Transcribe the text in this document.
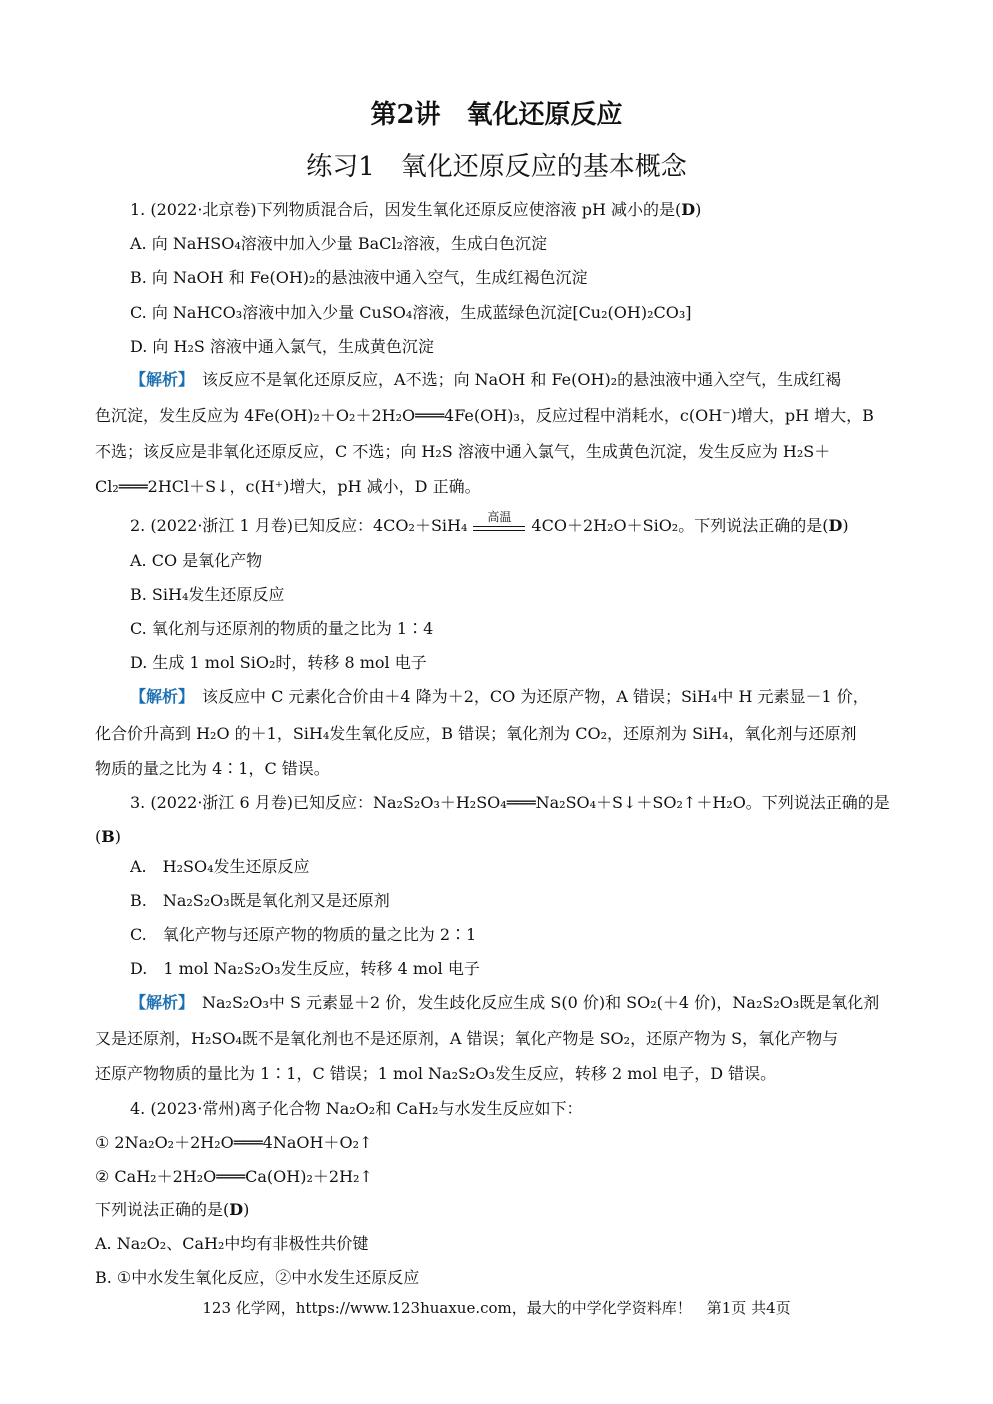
第2讲　氧化还原反应
练习1　氧化还原反应的基本概念
1. (2022·北京卷)下列物质混合后，因发生氧化还原反应使溶液 pH 减小的是(D)
A. 向 NaHSO₄溶液中加入少量 BaCl₂溶液，生成白色沉淀
B. 向 NaOH 和 Fe(OH)₂的悬浊液中通入空气，生成红褐色沉淀
C. 向 NaHCO₃溶液中加入少量 CuSO₄溶液，生成蓝绿色沉淀[Cu₂(OH)₂CO₃]
D. 向 H₂S 溶液中通入氯气，生成黄色沉淀
【解析】 该反应不是氧化还原反应，A不选；向 NaOH 和 Fe(OH)₂的悬浊液中通入空气，生成红褐
色沉淀，发生反应为 4Fe(OH)₂＋O₂＋2H₂O═══4Fe(OH)₃，反应过程中消耗水，c(OH⁻)增大，pH 增大，B
不选；该反应是非氧化还原反应，C 不选；向 H₂S 溶液中通入氯气，生成黄色沉淀，发生反应为 H₂S＋
Cl₂═══2HCl＋S↓，c(H⁺)增大，pH 减小，D 正确。
2. (2022·浙江 1 月卷)已知反应：4CO₂＋SiH₄	高温	4CO＋2H₂O＋SiO₂。下列说法正确的是(D)
A. CO 是氧化产物
B. SiH₄发生还原反应
C. 氧化剂与还原剂的物质的量之比为 1∶4
D. 生成 1 mol SiO₂时，转移 8 mol 电子
【解析】 该反应中 C 元素化合价由＋4 降为＋2，CO 为还原产物，A 错误；SiH₄中 H 元素显－1 价，
化合价升高到 H₂O 的＋1，SiH₄发生氧化反应，B 错误；氧化剂为 CO₂，还原剂为 SiH₄，氧化剂与还原剂
物质的量之比为 4∶1，C 错误。
3. (2022·浙江 6 月卷)已知反应：Na₂S₂O₃＋H₂SO₄═══Na₂SO₄＋S↓＋SO₂↑＋H₂O。下列说法正确的是
(B)
A.　H₂SO₄发生还原反应
B.　Na₂S₂O₃既是氧化剂又是还原剂
C.　氧化产物与还原产物的物质的量之比为 2∶1
D.　1 mol Na₂S₂O₃发生反应，转移 4 mol 电子
【解析】 Na₂S₂O₃中 S 元素显＋2 价，发生歧化反应生成 S(0 价)和 SO₂(＋4 价)，Na₂S₂O₃既是氧化剂
又是还原剂，H₂SO₄既不是氧化剂也不是还原剂，A 错误；氧化产物是 SO₂，还原产物为 S，氧化产物与
还原产物物质的量比为 1∶1，C 错误；1 mol Na₂S₂O₃发生反应，转移 2 mol 电子，D 错误。
4. (2023·常州)离子化合物 Na₂O₂和 CaH₂与水发生反应如下：
① 2Na₂O₂＋2H₂O═══4NaOH＋O₂↑
② CaH₂＋2H₂O═══Ca(OH)₂＋2H₂↑
下列说法正确的是(D)
A. Na₂O₂、CaH₂中均有非极性共价键
B. ①中水发生氧化反应，②中水发生还原反应
123 化学网，https://www.123huaxue.com，最大的中学化学资料库！　第1页 共4页
